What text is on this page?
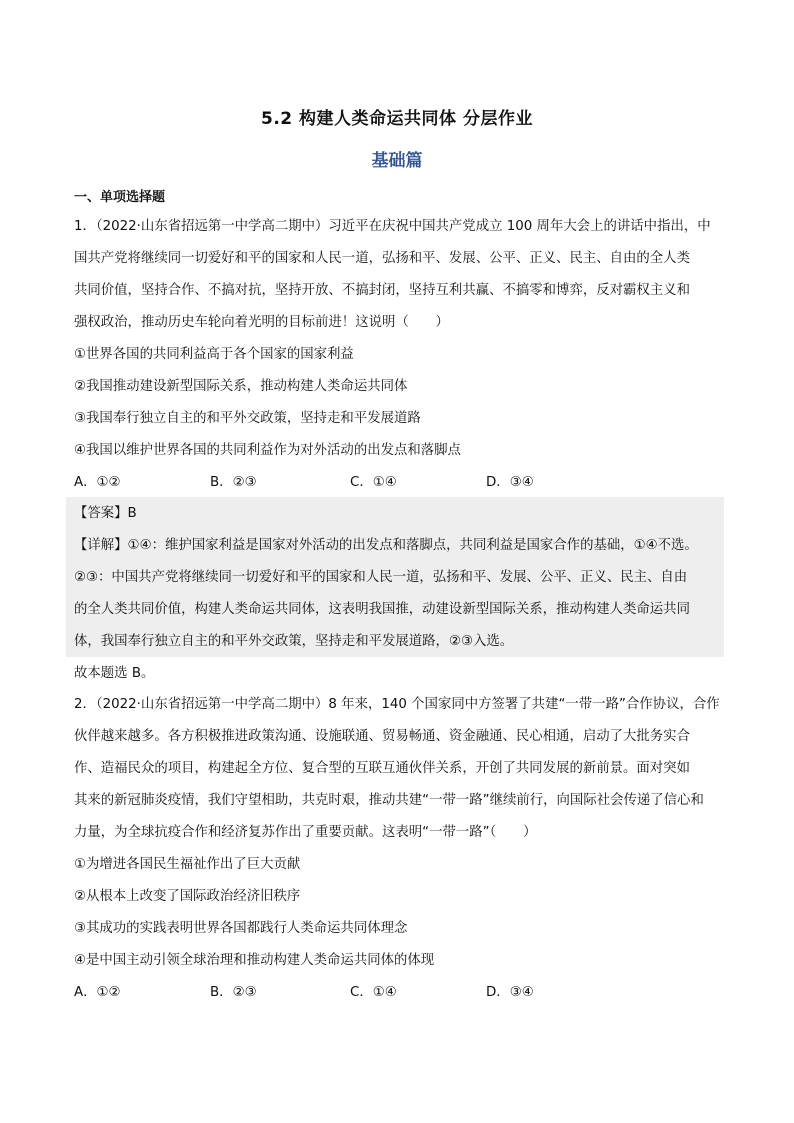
5.2 构建人类命运共同体 分层作业
基础篇
一、单项选择题
1．（2022·山东省招远第一中学高二期中）习近平在庆祝中国共产党成立 100 周年大会上的讲话中指出，中
国共产党将继续同一切爱好和平的国家和人民一道，弘扬和平、发展、公平、正义、民主、自由的全人类
共同价值，坚持合作、不搞对抗，坚持开放、不搞封闭，坚持互利共赢、不搞零和博弈，反对霸权主义和
强权政治，推动历史车轮向着光明的目标前进！这说明（　　）
①世界各国的共同利益高于各个国家的国家利益
②我国推动建设新型国际关系，推动构建人类命运共同体
③我国奉行独立自主的和平外交政策，坚持走和平发展道路
④我国以维护世界各国的共同利益作为对外活动的出发点和落脚点
A．①②	B．②③	C．①④	D．③④
【答案】B
【详解】①④：维护国家利益是国家对外活动的出发点和落脚点，共同利益是国家合作的基础，①④不选。
②③：中国共产党将继续同一切爱好和平的国家和人民一道，弘扬和平、发展、公平、正义、民主、自由
的全人类共同价值，构建人类命运共同体，这表明我国推，动建设新型国际关系，推动构建人类命运共同
体，我国奉行独立自主的和平外交政策，坚持走和平发展道路，②③入选。
故本题选 B。
2．（2022·山东省招远第一中学高二期中）8 年来，140 个国家同中方签署了共建“一带一路”合作协议，合作
伙伴越来越多。各方积极推进政策沟通、设施联通、贸易畅通、资金融通、民心相通，启动了大批务实合
作、造福民众的项目，构建起全方位、复合型的互联互通伙伴关系，开创了共同发展的新前景。面对突如
其来的新冠肺炎疫情，我们守望相助，共克时艰，推动共建“一带一路”继续前行，向国际社会传递了信心和
力量，为全球抗疫合作和经济复苏作出了重要贡献。这表明“一带一路”（　　）
①为增进各国民生福祉作出了巨大贡献
②从根本上改变了国际政治经济旧秩序
③其成功的实践表明世界各国都践行人类命运共同体理念
④是中国主动引领全球治理和推动构建人类命运共同体的体现
A．①②	B．②③	C．①④	D．③④
